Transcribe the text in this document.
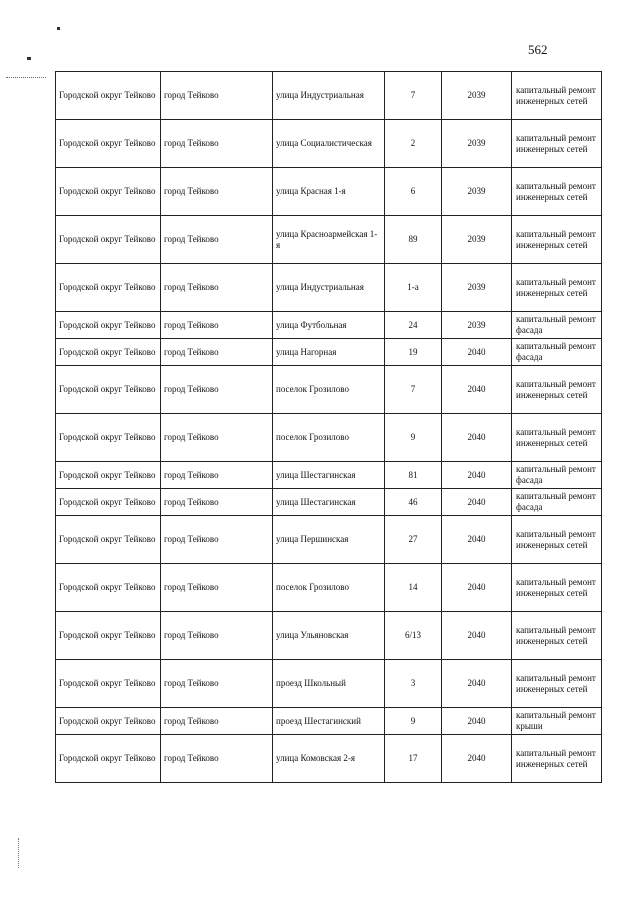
562
Городской округ Тейково	город Тейково	улица Индустриальная	7	2039	капитальный ремонт инженерных сетей
Городской округ Тейково	город Тейково	улица Социалистическая	2	2039	капитальный ремонт инженерных сетей
Городской округ Тейково	город Тейково	улица Красная 1-я	6	2039	капитальный ремонт инженерных сетей
Городской округ Тейково	город Тейково	улица Красноармейская 1-я	89	2039	капитальный ремонт инженерных сетей
Городской округ Тейково	город Тейково	улица Индустриальная	1-а	2039	капитальный ремонт инженерных сетей
Городской округ Тейково	город Тейково	улица Футбольная	24	2039	капитальный ремонт фасада
Городской округ Тейково	город Тейково	улица Нагорная	19	2040	капитальный ремонт фасада
Городской округ Тейково	город Тейково	поселок Грозилово	7	2040	капитальный ремонт инженерных сетей
Городской округ Тейково	город Тейково	поселок Грозилово	9	2040	капитальный ремонт инженерных сетей
Городской округ Тейково	город Тейково	улица Шестагинская	81	2040	капитальный ремонт фасада
Городской округ Тейково	город Тейково	улица Шестагинская	46	2040	капитальный ремонт фасада
Городской округ Тейково	город Тейково	улица Першинская	27	2040	капитальный ремонт инженерных сетей
Городской округ Тейково	город Тейково	поселок Грозилово	14	2040	капитальный ремонт инженерных сетей
Городской округ Тейково	город Тейково	улица Ульяновская	6/13	2040	капитальный ремонт инженерных сетей
Городской округ Тейково	город Тейково	проезд Школьный	3	2040	капитальный ремонт инженерных сетей
Городской округ Тейково	город Тейково	проезд Шестагинский	9	2040	капитальный ремонт крыши
Городской округ Тейково	город Тейково	улица Комовская 2-я	17	2040	капитальный ремонт инженерных сетей
